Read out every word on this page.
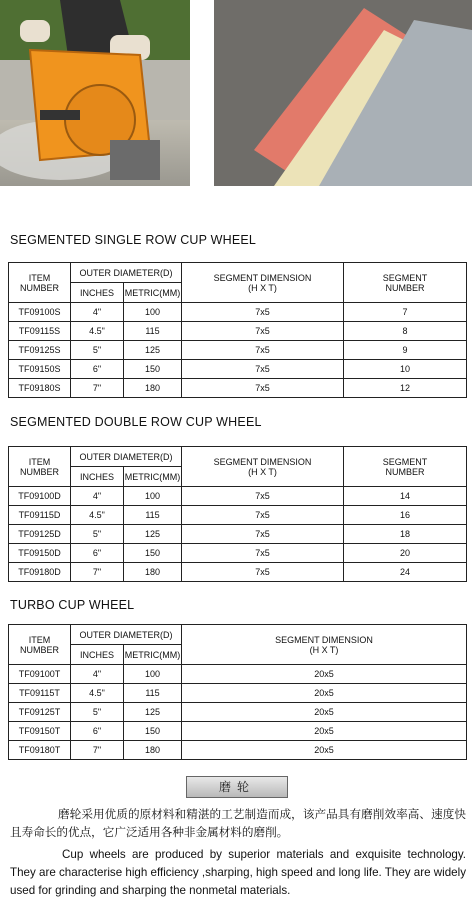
SEGMENTED SINGLE ROW CUP WHEEL
ITEM NUMBER	OUTER DIAMETER(D)		SEGMENT DIMENSION
(H X T)	SEGMENT
NUMBER
	INCHES	METRIC(MM)		
TF09100S	4"	100	7x5	7
TF09115S	4.5"	115	7x5	8
TF09125S	5"	125	7x5	9
TF09150S	6"	150	7x5	10
TF09180S	7"	180	7x5	12
SEGMENTED DOUBLE ROW CUP WHEEL
ITEM NUMBER	OUTER DIAMETER(D)		SEGMENT DIMENSION
(H X T)	SEGMENT
NUMBER
	INCHES	METRIC(MM)		
TF09100D	4"	100	7x5	14
TF09115D	4.5"	115	7x5	16
TF09125D	5"	125	7x5	18
TF09150D	6"	150	7x5	20
TF09180D	7"	180	7x5	24
TURBO CUP WHEEL
ITEM NUMBER	OUTER DIAMETER(D)		SEGMENT DIMENSION
(H X T)
	INCHES	METRIC(MM)	
TF09100T	4"	100	20x5
TF09115T	4.5"	115	20x5
TF09125T	5"	125	20x5
TF09150T	6"	150	20x5
TF09180T	7"	180	20x5
磨轮
磨轮采用优质的原材料和精湛的工艺制造而成，该产品具有磨削效率高、速度快且寿命长的优点，它广泛适用各种非金属材料的磨削。
Cup wheels are produced by superior materials and exquisite technology. They are characterise high efficiency ,sharping, high speed and long life. They are widely used for grinding and sharping the nonmetal materials.
